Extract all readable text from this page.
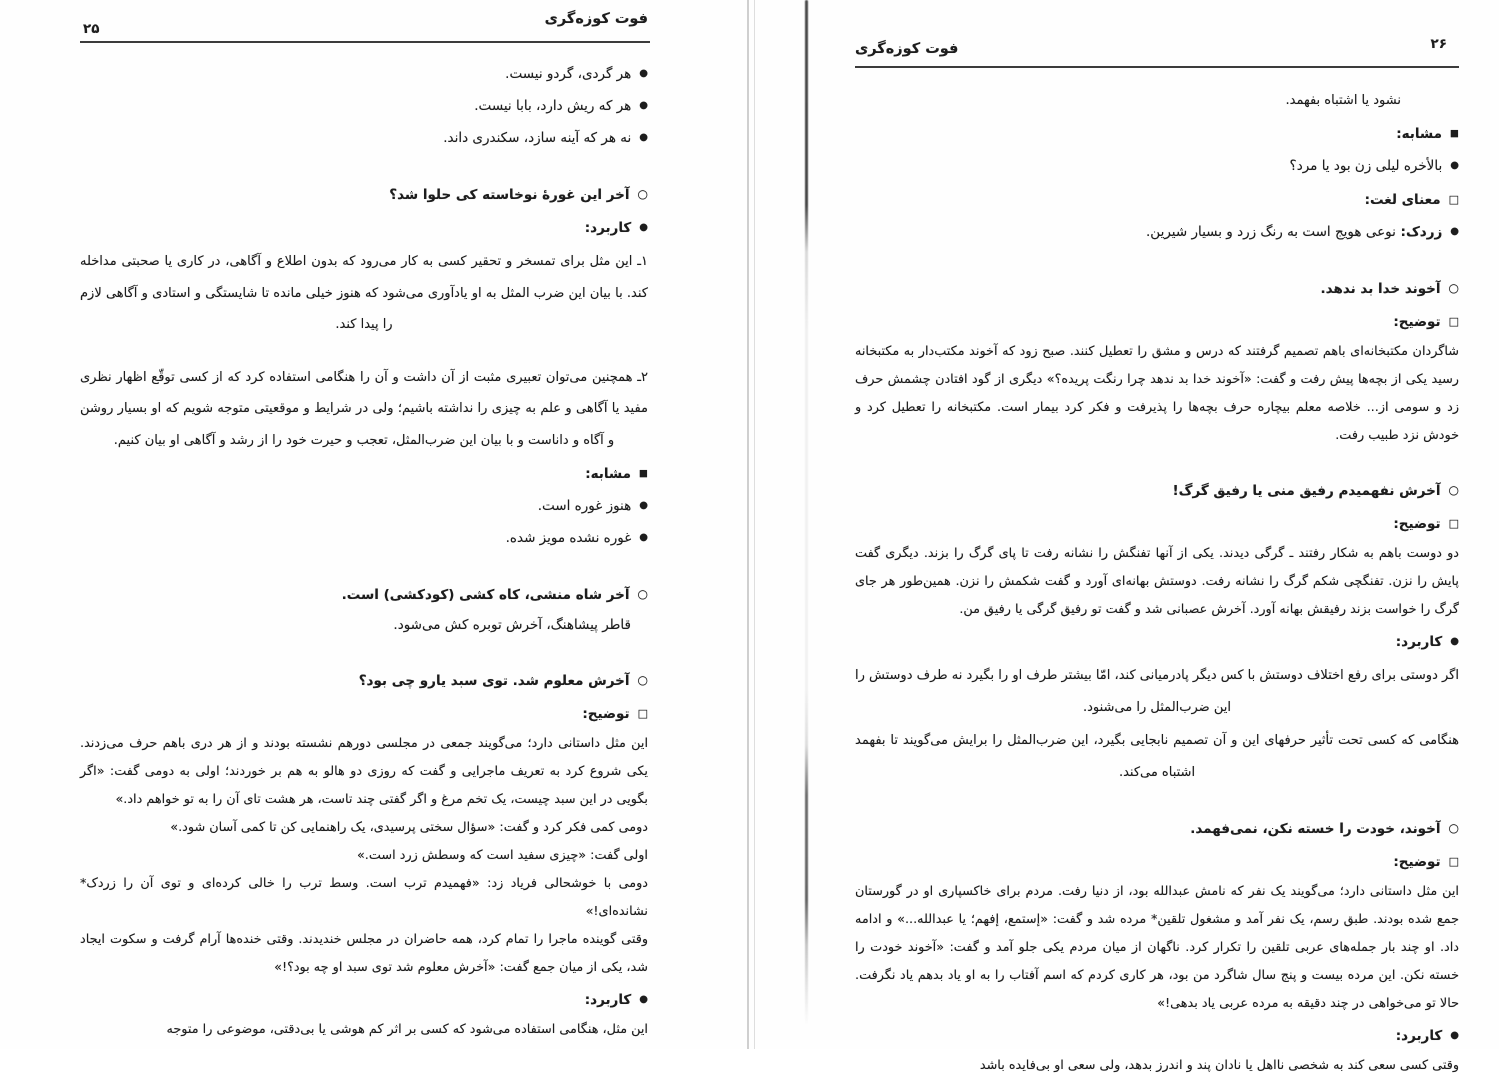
۲۵
فوت كوزه‌گرى
●هر گردی، گردو نیست.
●هر که ریش دارد، بابا نیست.
●نه هر که آینه سازد، سکندری داند.
○آخر این غورهٔ نوخاسته کی حلوا شد؟
●کاربرد:
۱ـ این مثل برای تمسخر و تحقیر کسی به کار می‌رود که بدون اطلاع و آگاهی، در کاری یا صحبتی مداخله کند. با بیان این ضرب المثل به او یادآوری می‌شود که هنوز خیلی مانده تا شایستگی و استادی و آگاهی لازم را پیدا کند.
۲ـ همچنین می‌توان تعبیری مثبت از آن داشت و آن را هنگامی استفاده کرد که از کسی توقّع اظهار نظری مفید یا آگاهی و علم به چیزی را نداشته باشیم؛ ولی در شرایط و موقعیتی متوجه شویم که او بسیار روشن و آگاه و داناست و با بیان این ضرب‌المثل، تعجب و حیرت خود را از رشد و آگاهی او بیان کنیم.
■مشابه:
●هنوز غوره است.
●غوره نشده مویز شده.
○آخر شاه منشی، کاه کشی (کودکشی) است.
قاطر پیشاهنگ، آخرش توبره کش می‌شود.
○آخرش معلوم شد. توی سبد یارو چی بود؟
□توضیح:
این مثل داستانی دارد؛ می‌گویند جمعی در مجلسی دورهم نشسته بودند و از هر دری باهم حرف می‌زدند. یکی شروع کرد به تعریف ماجرایی و گفت که روزی دو هالو به هم بر خوردند؛ اولی به دومی گفت: «اگر بگویی در این سبد چیست، یک تخم مرغ و اگر گفتی چند تاست، هر هشت تای آن را به تو خواهم داد.»
دومی کمی فکر کرد و گفت: «سؤال سختی پرسیدی، یک راهنمایی کن تا کمی آسان شود.»
اولی گفت: «چیزی سفید است که وسطش زرد است.»
دومی با خوشحالی فریاد زد: «فهمیدم ترب است. وسط ترب را خالی کرده‌ای و توی آن را زردک* نشانده‌ای!»
وقتی گوینده ماجرا را تمام کرد، همه حاضران در مجلس خندیدند. وقتی خنده‌ها آرام گرفت و سکوت ایجاد شد، یکی از میان جمع گفت: «آخرش معلوم شد توی سبد او چه بود؟!»
●کاربرد:
این مثل، هنگامی استفاده می‌شود که کسی بر اثر کم هوشی یا بی‌دقتی، موضوعی را متوجه
فوت كوزه‌گرى	۲۶
نشود یا اشتباه بفهمد.
■مشابه:
●بالأخره لیلی زن بود یا مرد؟
□معنای لغت:
●زردک: نوعی هویج است به رنگ زرد و بسیار شیرین.
○آخوند خدا بد ندهد.
□توضیح:
شاگردان مکتبخانه‌ای باهم تصمیم گرفتند که درس و مشق را تعطیل کنند. صبح زود که آخوند مکتب‌دار به مکتبخانه رسید یکی از بچه‌ها پیش رفت و گفت: «آخوند خدا بد ندهد چرا رنگت پریده؟» دیگری از گود افتادن چشمش حرف زد و سومی از... خلاصه معلم بیچاره حرف بچه‌ها را پذیرفت و فکر کرد بیمار است. مکتبخانه را تعطیل کرد و خودش نزد طبیب رفت.
○آخرش نفهمیدم رفیق منی یا رفیق گرگ!
□توضیح:
دو دوست باهم به شکار رفتند ـ گرگی دیدند. یکی از آنها تفنگش را نشانه رفت تا پای گرگ را بزند. دیگری گفت پایش را نزن. تفنگچی شکم گرگ را نشانه رفت. دوستش بهانه‌ای آورد و گفت شکمش را نزن. همین‌طور هر جای گرگ را خواست بزند رفیقش بهانه آورد. آخرش عصبانی شد و گفت تو رفیق گرگی یا رفیق من.
●کاربرد:
اگر دوستی برای رفع اختلاف دوستش با کس دیگر پادرمیانی کند، امّا بیشتر طرف او را بگیرد نه طرف دوستش را این ضرب‌المثل را می‌شنود.
هنگامی که کسی تحت تأثیر حرفهای این و آن تصمیم نابجایی بگیرد، این ضرب‌المثل را برایش می‌گویند تا بفهمد اشتباه می‌کند.
○آخوند، خودت را خسته نکن، نمی‌فهمد.
□توضیح:
این مثل داستانی دارد؛ می‌گویند یک نفر که نامش عبدالله بود، از دنیا رفت. مردم برای خاکسپاری او در گورستان جمع شده بودند. طبق رسم، یک نفر آمد و مشغول تلقین* مرده شد و گفت: «إستمع، إفهم؛ یا عبدالله...» و ادامه داد. او چند بار جمله‌های عربی تلقین را تکرار کرد. ناگهان از میان مردم یکی جلو آمد و گفت: «آخوند خودت را خسته نکن. این مرده بیست و پنج سال شاگرد من بود، هر کاری کردم که اسم آفتاب را به او یاد بدهم یاد نگرفت. حالا تو می‌خواهی در چند دقیقه به مرده عربی یاد بدهی!»
●کاربرد:
وقتی کسی سعی کند به شخصی نااهل یا نادان پند و اندرز بدهد، ولی سعی او بی‌فایده باشد
